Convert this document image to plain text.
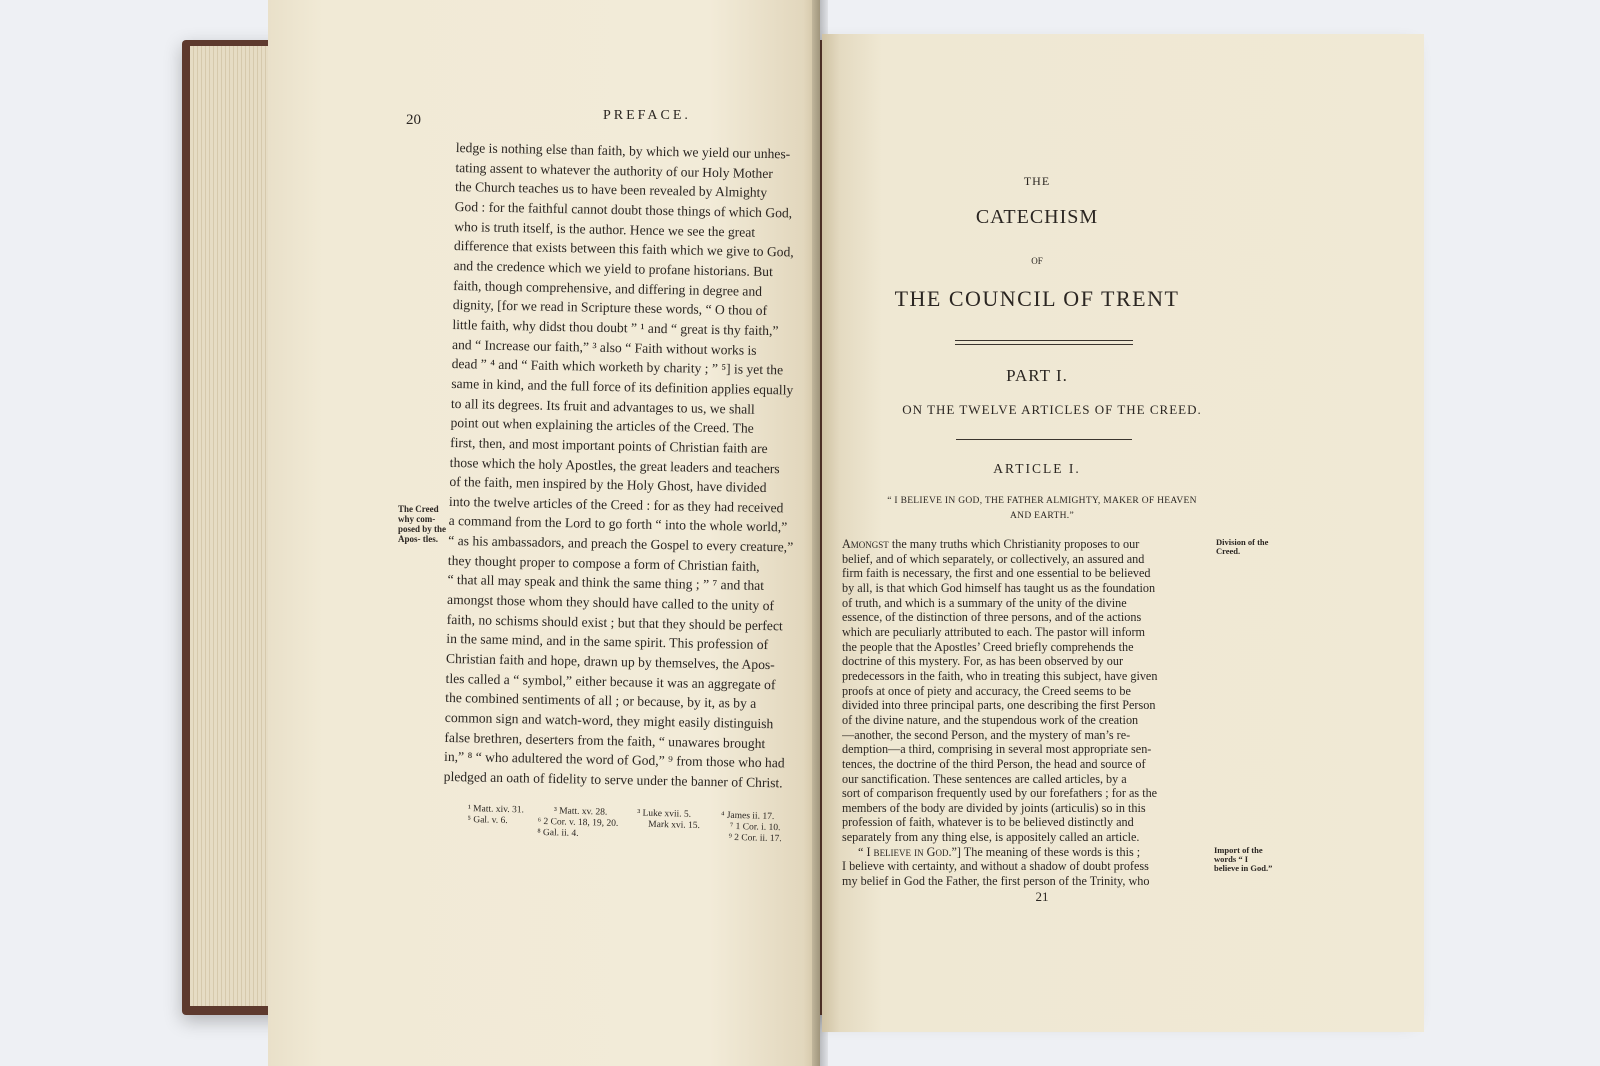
20	PREFACE.
ledge is nothing else than faith, by which we yield our unhes-
tating assent to whatever the authority of our Holy Mother
the Church teaches us to have been revealed by Almighty
God : for the faithful cannot doubt those things of which God,
who is truth itself, is the author. Hence we see the great
difference that exists between this faith which we give to God,
and the credence which we yield to profane historians. But
faith, though comprehensive, and differing in degree and
dignity, [for we read in Scripture these words, “ O thou of
little faith, why didst thou doubt ” ¹ and “ great is thy faith,”
and “ Increase our faith,” ³ also “ Faith without works is
dead ” ⁴ and “ Faith which worketh by charity ; ” ⁵] is yet the
same in kind, and the full force of its definition applies equally
to all its degrees. Its fruit and advantages to us, we shall
point out when explaining the articles of the Creed. The
first, then, and most important points of Christian faith are
those which the holy Apostles, the great leaders and teachers
of the faith, men inspired by the Holy Ghost, have divided
into the twelve articles of the Creed : for as they had received
a command from the Lord to go forth “ into the whole world,”
“ as his ambassadors, and preach the Gospel to every creature,”
they thought proper to compose a form of Christian faith,
“ that all may speak and think the same thing ; ” ⁷ and that
amongst those whom they should have called to the unity of
faith, no schisms should exist ; but that they should be perfect
in the same mind, and in the same spirit. This profession of
Christian faith and hope, drawn up by themselves, the Apos-
tles called a “ symbol,” either because it was an aggregate of
the combined sentiments of all ; or because, by it, as by a
common sign and watch-word, they might easily distinguish
false brethren, deserters from the faith, “ unawares brought
in,” ⁸ “ who adultered the word of God,” ⁹ from those who had
pledged an oath of fidelity to serve under the banner of Christ.
The Creed why com- posed by the Apos- tles.
¹ Matt. xiv. 31.	³ Matt. xv. 28.	³ Luke xvii. 5.	⁴ James ii. 17.
⁵ Gal. v. 6.	⁶ 2 Cor. v. 18, 19, 20.	Mark xvi. 15.	⁷ 1 Cor. i. 10.
⁸ Gal. ii. 4.	⁹ 2 Cor. ii. 17.
THE
CATECHISM
OF
THE COUNCIL OF TRENT
PART I.
ON THE TWELVE ARTICLES OF THE CREED.
ARTICLE I.
“ I BELIEVE IN GOD, THE FATHER ALMIGHTY, MAKER OF HEAVEN
AND EARTH.”
Amongst the many truths which Christianity proposes to our
belief, and of which separately, or collectively, an assured and
firm faith is necessary, the first and one essential to be believed
by all, is that which God himself has taught us as the foundation
of truth, and which is a summary of the unity of the divine
essence, of the distinction of three persons, and of the actions
which are peculiarly attributed to each. The pastor will inform
the people that the Apostles’ Creed briefly comprehends the
doctrine of this mystery. For, as has been observed by our
predecessors in the faith, who in treating this subject, have given
proofs at once of piety and accuracy, the Creed seems to be
divided into three principal parts, one describing the first Person
of the divine nature, and the stupendous work of the creation
—another, the second Person, and the mystery of man’s re-
demption—a third, comprising in several most appropriate sen-
tences, the doctrine of the third Person, the head and source of
our sanctification. These sentences are called articles, by a
sort of comparison frequently used by our forefathers ; for as the
members of the body are divided by joints (articulis) so in this
profession of faith, whatever is to be believed distinctly and
separately from any thing else, is appositely called an article.
“ I believe in God.”] The meaning of these words is this ;
I believe with certainty, and without a shadow of doubt profess
my belief in God the Father, the first person of the Trinity, who
Division of the Creed.
Import of the words “ I believe in God.”
21
